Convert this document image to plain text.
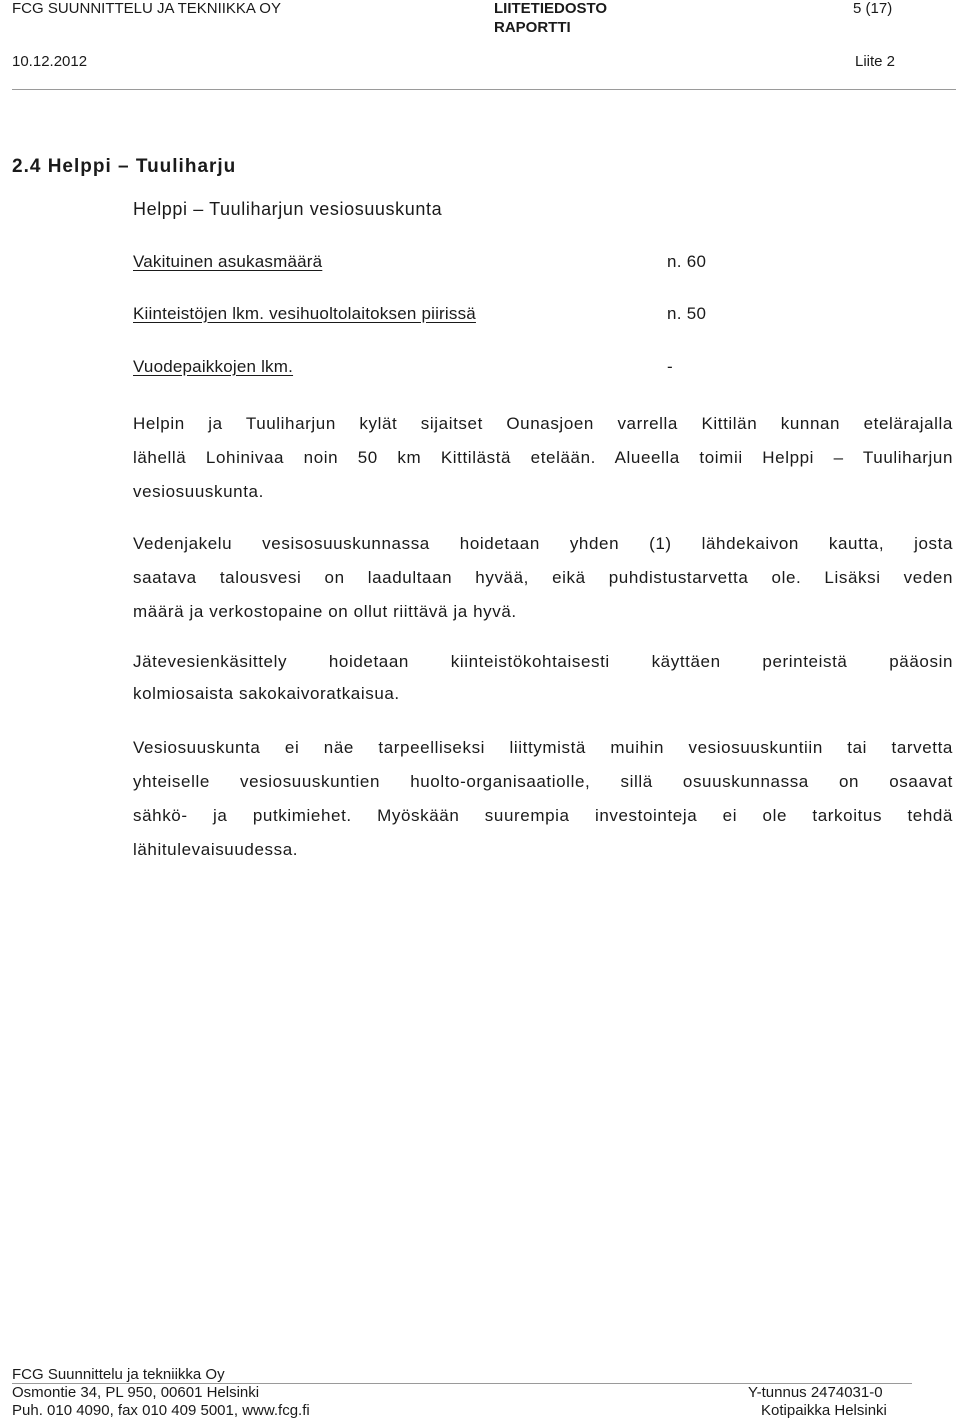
FCG SUUNNITTELU JA TEKNIIKKA OY	LIITETIEDOSTO
RAPORTTI
5 (17)
10.12.2012	Liite 2
2.4 Helppi – Tuuliharju
Helppi – Tuuliharjun vesiosuuskunta
Vakituinen asukasmäärä	n. 60
Kiinteistöjen lkm. vesihuoltolaitoksen piirissä	n. 50
Vuodepaikkojen lkm.	-
Helpin ja Tuuliharjun kylät sijaitset Ounasjoen varrella Kittilän kunnan etelärajalla
lähellä Lohinivaa noin 50 km Kittilästä etelään. Alueella toimii Helppi – Tuuliharjun
vesiosuuskunta.
Vedenjakelu vesisosuuskunnassa hoidetaan yhden (1) lähdekaivon kautta, josta
saatava talousvesi on laadultaan hyvää, eikä puhdistustarvetta ole. Lisäksi veden
määrä ja verkostopaine on ollut riittävä ja hyvä.
Jätevesienkäsittely hoidetaan kiinteistökohtaisesti käyttäen perinteistä pääosin
kolmiosaista sakokaivoratkaisua.
Vesiosuuskunta ei näe tarpeelliseksi liittymistä muihin vesiosuuskuntiin tai tarvetta
yhteiselle vesiosuuskuntien huolto-organisaatiolle, sillä osuuskunnassa on osaavat
sähkö- ja putkimiehet. Myöskään suurempia investointeja ei ole tarkoitus tehdä
lähitulevaisuudessa.
FCG Suunnittelu ja tekniikka Oy
Osmontie 34, PL 950, 00601 Helsinki	Y-tunnus 2474031-0
Puh. 010 4090, fax 010 409 5001, www.fcg.fi	Kotipaikka Helsinki
